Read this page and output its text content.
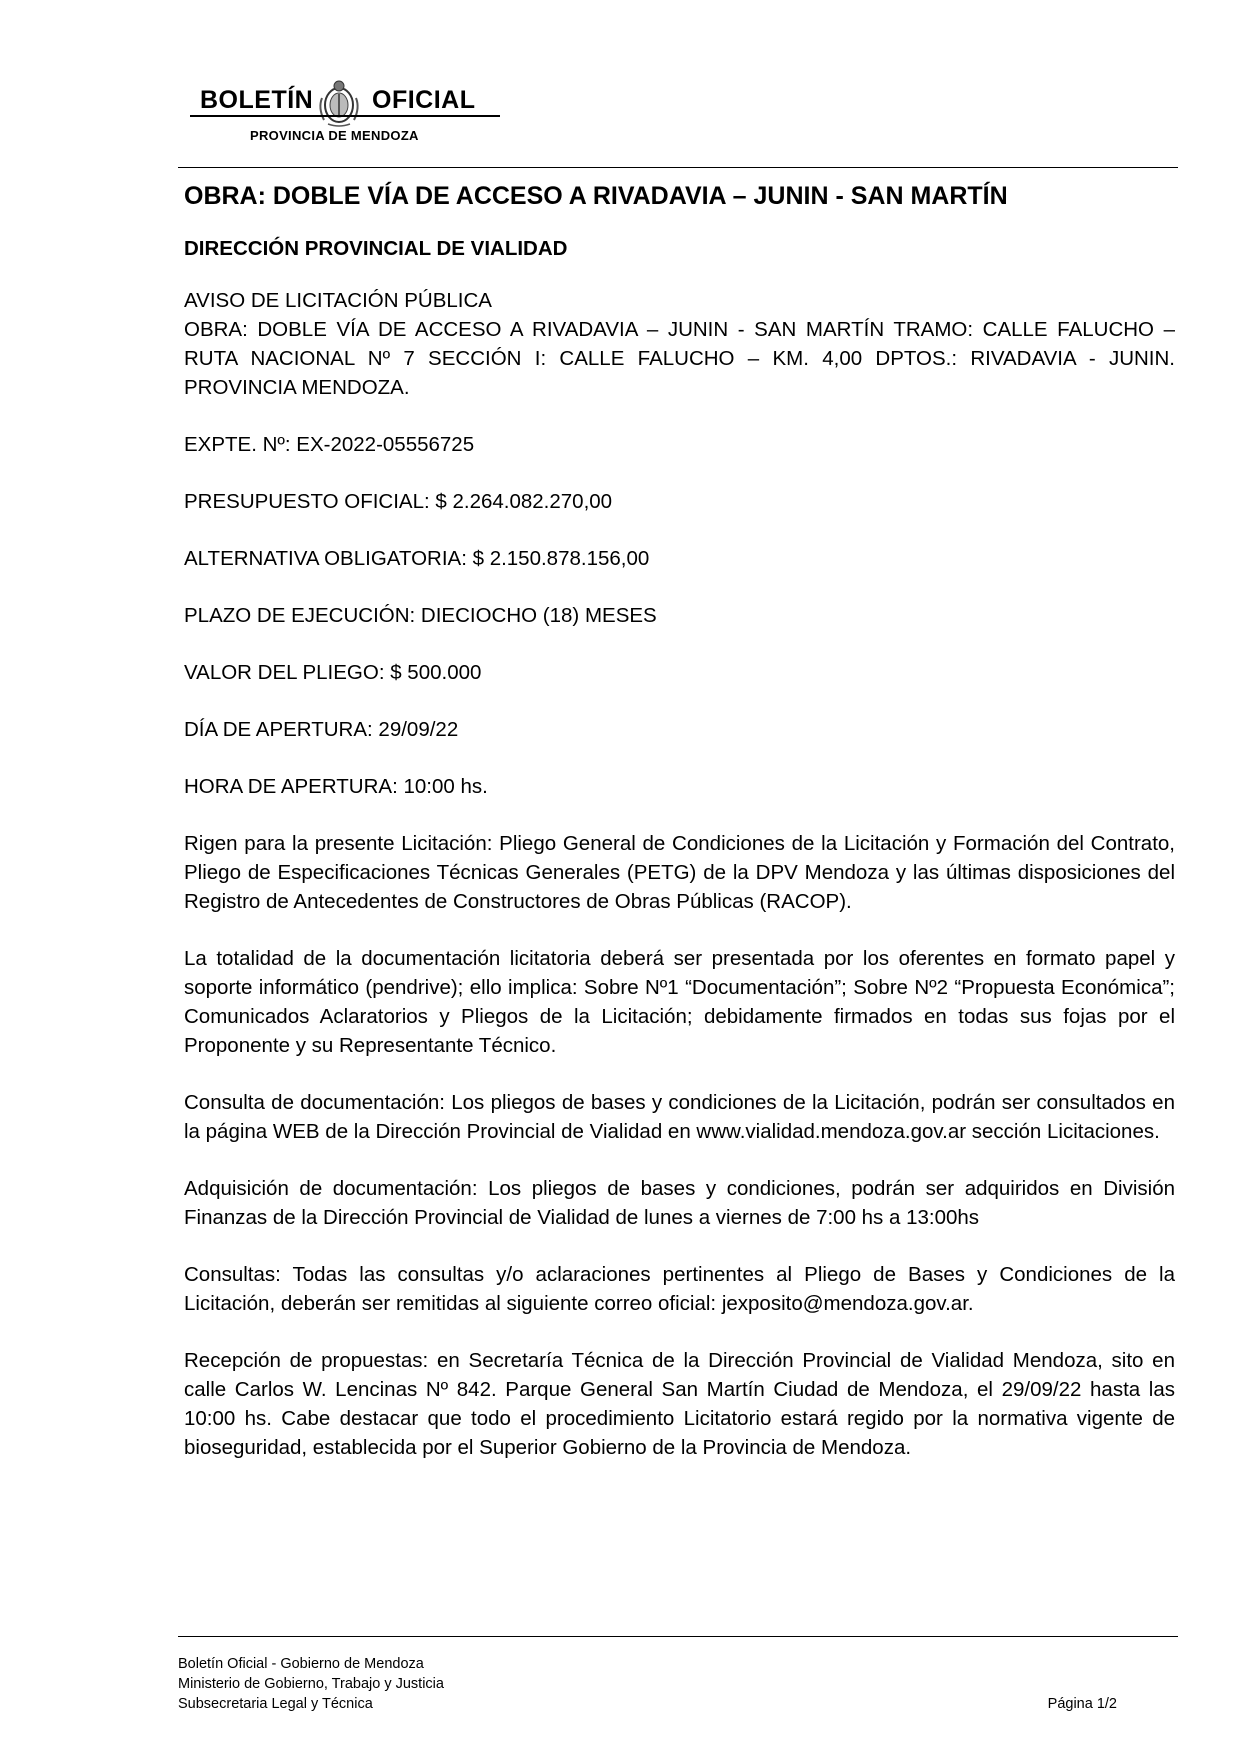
BOLETÍN OFICIAL
PROVINCIA DE MENDOZA
OBRA: DOBLE VÍA DE ACCESO A RIVADAVIA – JUNIN - SAN MARTÍN
DIRECCIÓN PROVINCIAL DE VIALIDAD
AVISO DE LICITACIÓN PÚBLICA
OBRA: DOBLE VÍA DE ACCESO A RIVADAVIA – JUNIN - SAN MARTÍN TRAMO: CALLE FALUCHO – RUTA NACIONAL Nº 7 SECCIÓN I: CALLE FALUCHO – KM. 4,00 DPTOS.: RIVADAVIA - JUNIN. PROVINCIA MENDOZA.
EXPTE. Nº: EX-2022-05556725
PRESUPUESTO OFICIAL: $ 2.264.082.270,00
ALTERNATIVA OBLIGATORIA: $ 2.150.878.156,00
PLAZO DE EJECUCIÓN: DIECIOCHO (18) MESES
VALOR DEL PLIEGO: $ 500.000
DÍA DE APERTURA: 29/09/22
HORA DE APERTURA: 10:00 hs.
Rigen para la presente Licitación: Pliego General de Condiciones de la Licitación y Formación del Contrato, Pliego de Especificaciones Técnicas Generales (PETG) de la DPV Mendoza y las últimas disposiciones del Registro de Antecedentes de Constructores de Obras Públicas (RACOP).
La totalidad de la documentación licitatoria deberá ser presentada por los oferentes en formato papel y soporte informático (pendrive); ello implica: Sobre Nº1 “Documentación”; Sobre Nº2 “Propuesta Económica”; Comunicados Aclaratorios y Pliegos de la Licitación; debidamente firmados en todas sus fojas por el Proponente y su Representante Técnico.
Consulta de documentación: Los pliegos de bases y condiciones de la Licitación, podrán ser consultados en la página WEB de la Dirección Provincial de Vialidad en www.vialidad.mendoza.gov.ar sección Licitaciones.
Adquisición de documentación: Los pliegos de bases y condiciones, podrán ser adquiridos en División Finanzas de la Dirección Provincial de Vialidad de lunes a viernes de 7:00 hs a 13:00hs
Consultas: Todas las consultas y/o aclaraciones pertinentes al Pliego de Bases y Condiciones de la Licitación, deberán ser remitidas al siguiente correo oficial: jexposito@mendoza.gov.ar.
Recepción de propuestas: en Secretaría Técnica de la Dirección Provincial de Vialidad Mendoza, sito en calle Carlos W. Lencinas Nº 842. Parque General San Martín Ciudad de Mendoza, el 29/09/22 hasta las 10:00 hs. Cabe destacar que todo el procedimiento Licitatorio estará regido por la normativa vigente de bioseguridad, establecida por el Superior Gobierno de la Provincia de Mendoza.
Boletín Oficial - Gobierno de Mendoza
Ministerio de Gobierno, Trabajo y Justicia
Subsecretaria Legal y Técnica	Página 1/2
